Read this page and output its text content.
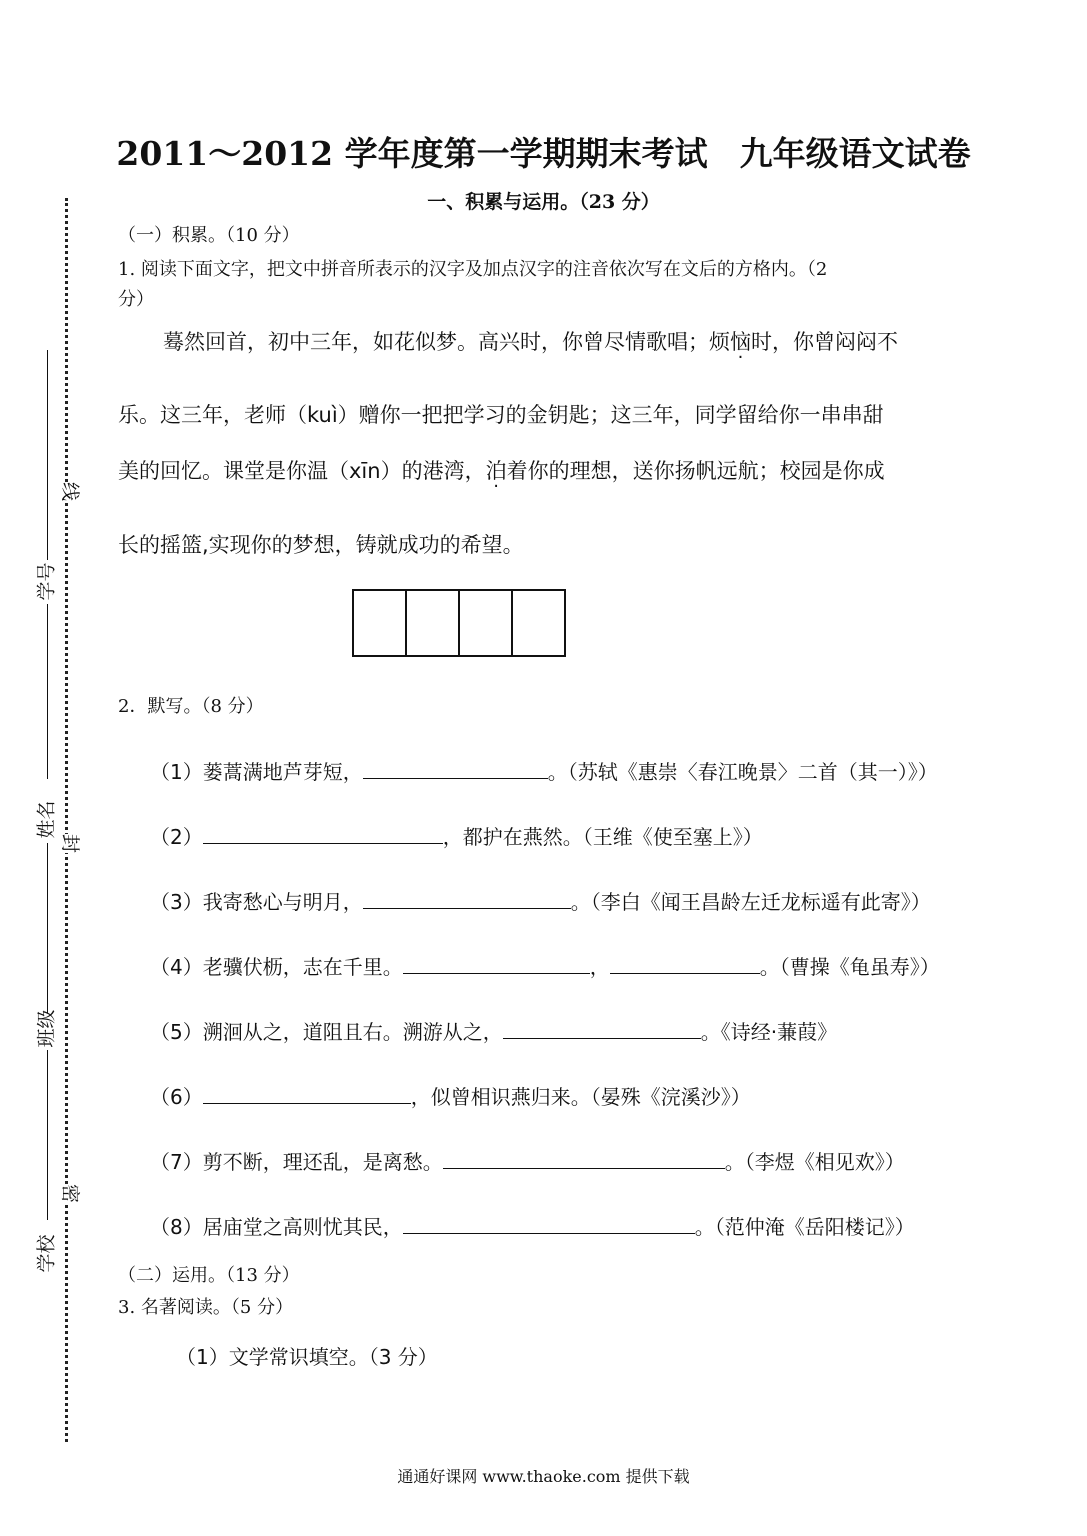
学号
姓名
班级
学校
线
封
密
2011～2012 学年度第一学期期末考试 九年级语文试卷
一、积累与运用。（23 分）
（一）积累。（10 分）
1. 阅读下面文字，把文中拼音所表示的汉字及加点汉字的注音依次写在文后的方格内。（2
分）
蓦然回首，初中三年，如花似梦。高兴时，你曾尽情歌唱；烦恼时，你曾闷闷不
乐。这三年，老师（kuì）赠你一把把学习的金钥匙；这三年，同学留给你一串串甜
美的回忆。课堂是你温（xīn）的港湾，泊着你的理想，送你扬帆远航；校园是你成
长的摇篮,实现你的梦想，铸就成功的希望。
2．默写。（8 分）
（1）蒌蒿满地芦芽短，	。（苏轼《惠崇〈春江晚景〉二首（其一）》）
（2）	，都护在燕然。（王维《使至塞上》）
（3）我寄愁心与明月，	。（李白《闻王昌龄左迁龙标遥有此寄》）
（4）老骥伏枥，志在千里。	，	。（曹操《龟虽寿》）
（5）溯洄从之，道阻且右。溯游从之，	。《诗经·蒹葭》
（6）	，似曾相识燕归来。（晏殊《浣溪沙》）
（7）剪不断，理还乱，是离愁。	。（李煜《相见欢》）
（8）居庙堂之高则忧其民，	。（范仲淹《岳阳楼记》）
（二）运用。（13 分）
3. 名著阅读。（5 分）
（1）文学常识填空。（3 分）
通通好课网 www.thaoke.com 提供下载
